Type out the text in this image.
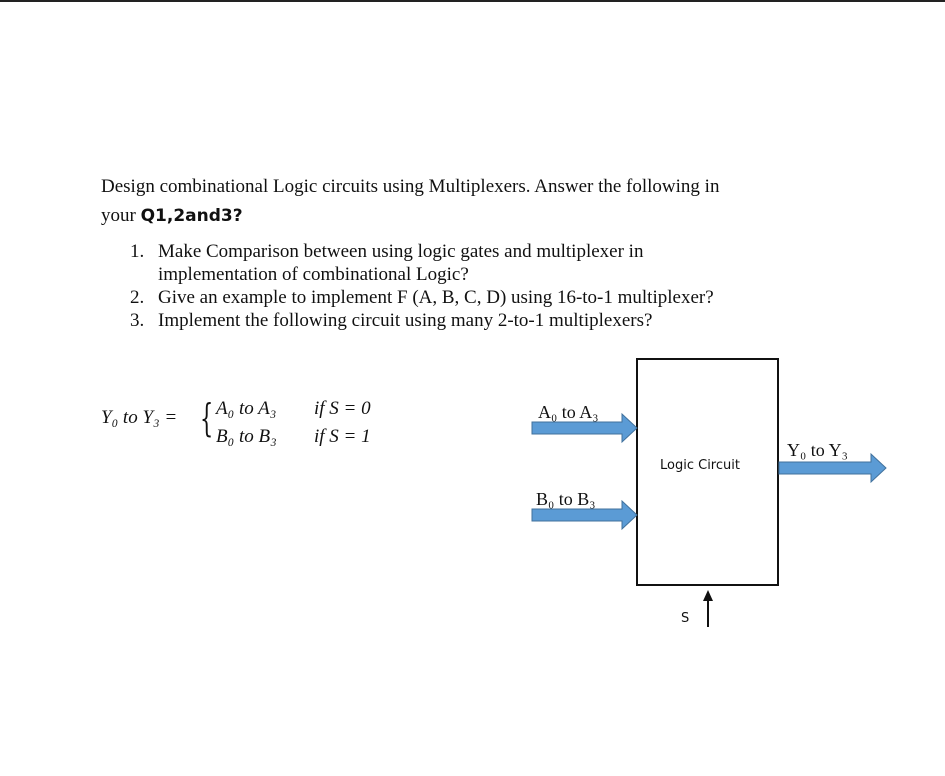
Design combinational Logic circuits using Multiplexers. Answer the following in
your Q1,2and3?
1. Make Comparison between using logic gates and multiplexer in
implementation of combinational Logic?
2. Give an example to implement F (A, B, C, D) using 16-to-1 multiplexer?
3. Implement the following circuit using many 2-to-1 multiplexers?
Y₀ to Y₃ = { A₀ to A₃ if S = 0
B₀ to B₃ if S = 1
Logic Circuit
A₀ to A₃
B₀ to B₃
Y₀ to Y₃
S
